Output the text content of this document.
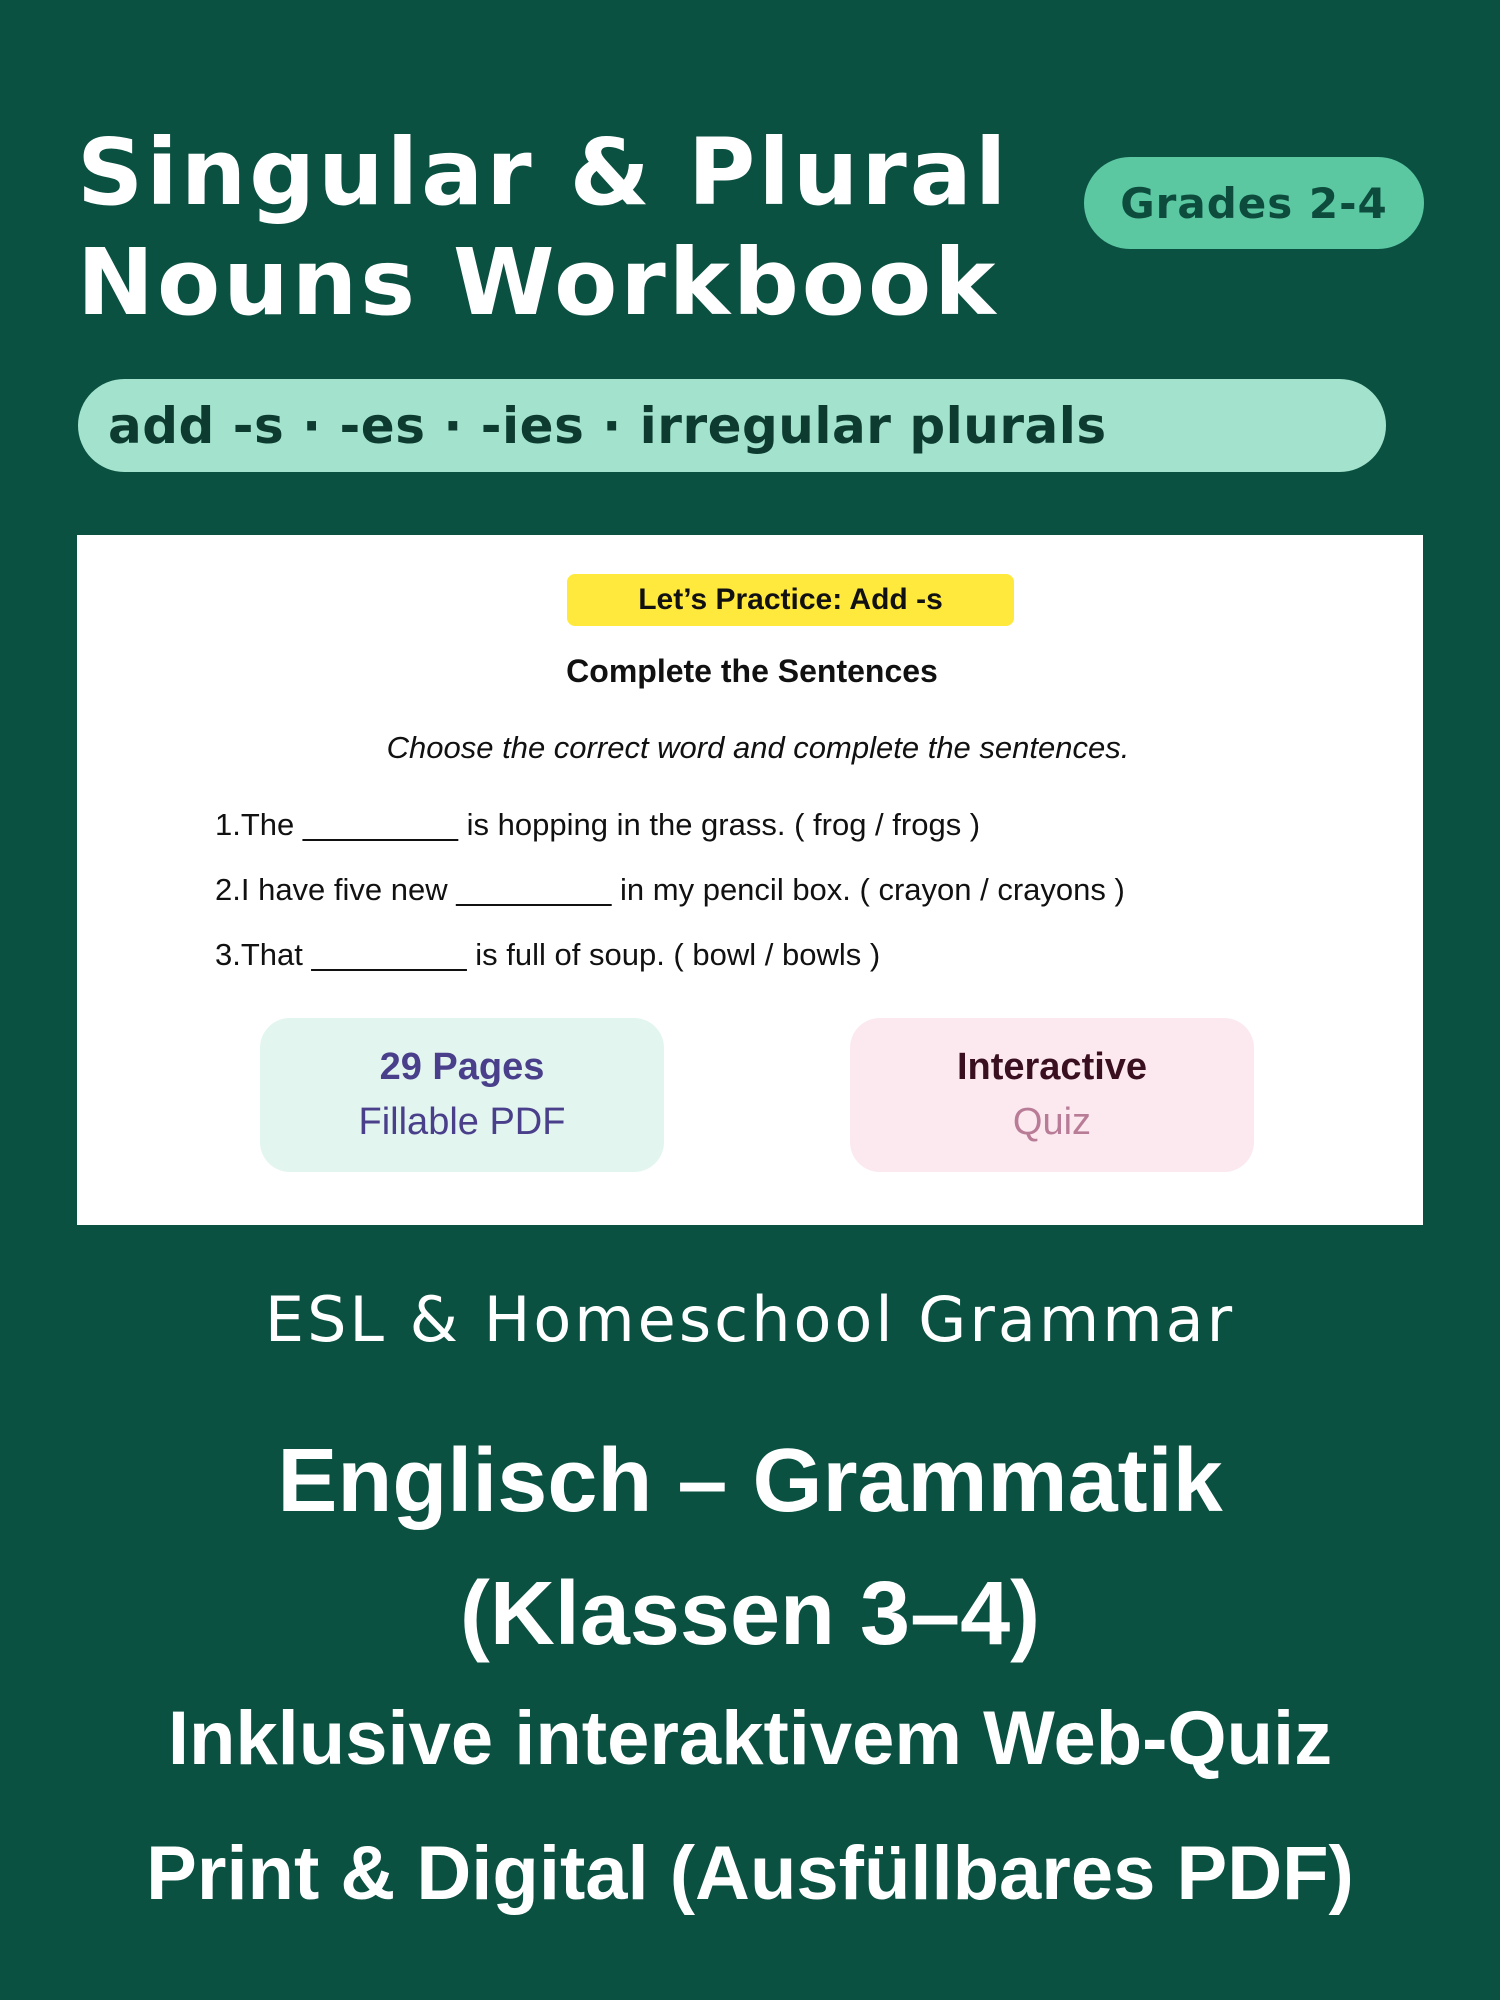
Singular & Plural
Nouns Workbook
Grades 2-4
add -s · -es · -ies · irregular plurals
Let’s Practice: Add -s
Complete the Sentences
Choose the correct word and complete the sentences.
1.The _________ is hopping in the grass. ( frog / frogs )
2.I have five new _________ in my pencil box. ( crayon / crayons )
3.That _________ is full of soup. ( bowl / bowls )
29 Pages
Fillable PDF
Interactive
Quiz
ESL & Homeschool Grammar
Englisch – Grammatik
(Klassen 3–4)
Inklusive interaktivem Web-Quiz
Print & Digital (Ausfüllbares PDF)
